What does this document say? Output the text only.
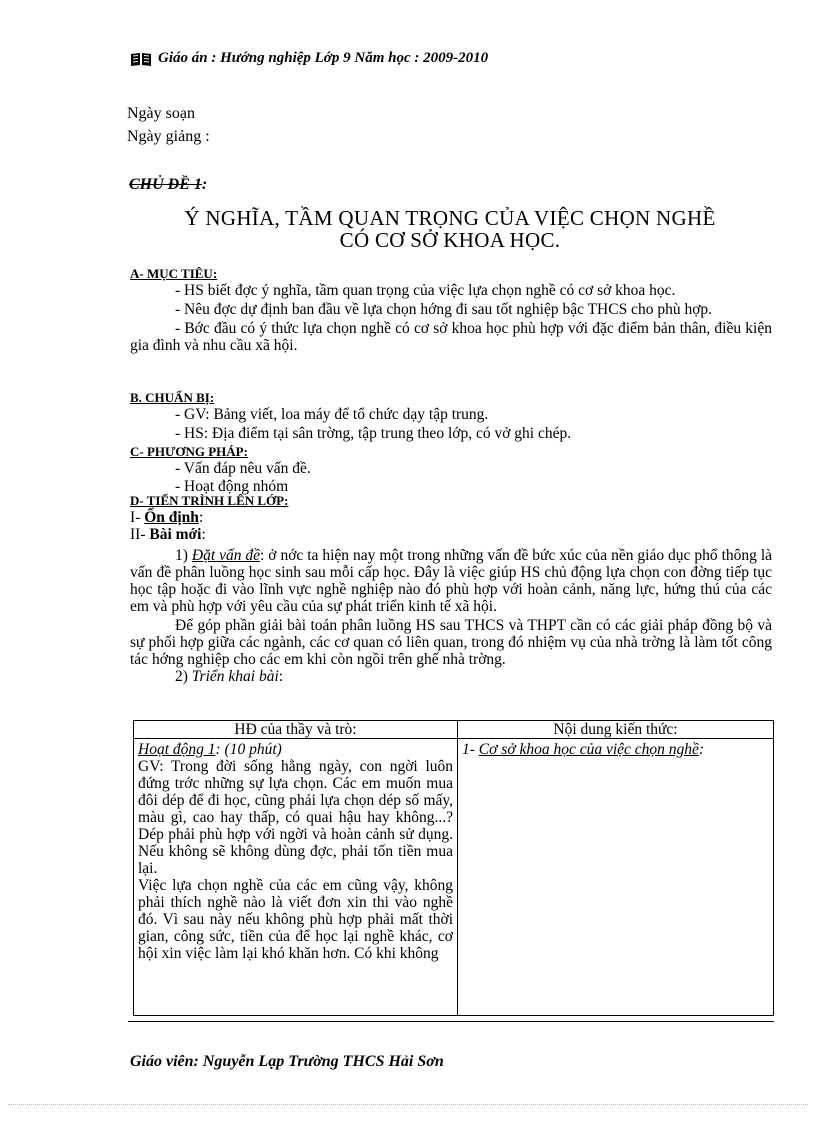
Giáo án : Hướng nghiệp Lớp 9 Năm học : 2009-2010
Ngày soạn
Ngày giảng :
CHỦ ĐỀ 1:
Ý NGHĨA, TẦM QUAN TRỌNG CỦA VIỆC CHỌN NGHỀ
CÓ CƠ SỞ KHOA HỌC.
A- MỤC TIÊU:
- HS biết đợc ý nghĩa, tầm quan trọng của việc lựa chọn nghề có cơ sở khoa học.
- Nêu đợc dự định ban đầu về lựa chọn hớng đi sau tốt nghiệp bậc THCS cho phù hợp.
- Bớc đầu có ý thức lựa chọn nghề có cơ sở khoa học phù hợp với đặc điểm bản thân, điều kiện gia đình và nhu cầu xã hội.
B. CHUẨN BỊ:
- GV: Bảng viết, loa máy để tổ chức dạy tập trung.
- HS: Địa điểm tại sân trờng, tập trung theo lớp, có vở ghi chép.
C- PHƯƠNG PHÁP:
- Vấn đáp nêu vấn đề.
- Hoạt động nhóm
D- TIẾN TRÌNH LÊN LỚP:
I- Ổn định:
II- Bài mới:
1) Đặt vấn đề: ở nớc ta hiện nay một trong những vấn đề bức xúc của nền giáo dục phổ thông là vấn đề phân luồng học sinh sau mỗi cấp học. Đây là việc giúp HS chủ động lựa chọn con đờng tiếp tục học tập hoặc đi vào lĩnh vực nghề nghiệp nào đó phù hợp với hoàn cảnh, năng lực, hứng thú của các em và phù hợp với yêu cầu của sự phát triển kinh tế xã hội.
Để góp phần giải bài toán phân luồng HS sau THCS và THPT cần có các giải pháp đồng bộ và sự phối hợp giữa các ngành, các cơ quan có liên quan, trong đó nhiệm vụ của nhà trờng là làm tốt công tác hớng nghiệp cho các em khi còn ngồi trên ghế nhà trờng.
2) Triển khai bài:
HĐ của thầy và trò:	Nội dung kiến thức:

Hoạt động 1: (10 phút)
GV: Trong đời sống hằng ngày, con ngời luôn đứng trớc những sự lựa chọn. Các em muốn mua đôi dép để đi học, cũng phải lựa chọn dép số mấy, màu gì, cao hay thấp, có quai hậu hay không...? Dép phải phù hợp với ngời và hoàn cảnh sử dụng. Nếu không sẽ không dùng đợc, phải tốn tiền mua lại.
Việc lựa chọn nghề của các em cũng vậy, không phải thích nghề nào là viết đơn xin thi vào nghề đó. Vì sau này nếu không phù hợp phải mất thời gian, công sức, tiền của để học lại nghề khác, cơ hội xin việc làm lại khó khăn hơn. Có khi không	1- Cơ sở khoa học của việc chọn nghề:
Giáo viên: Nguyễn Lạp Trường THCS Hải Sơn
